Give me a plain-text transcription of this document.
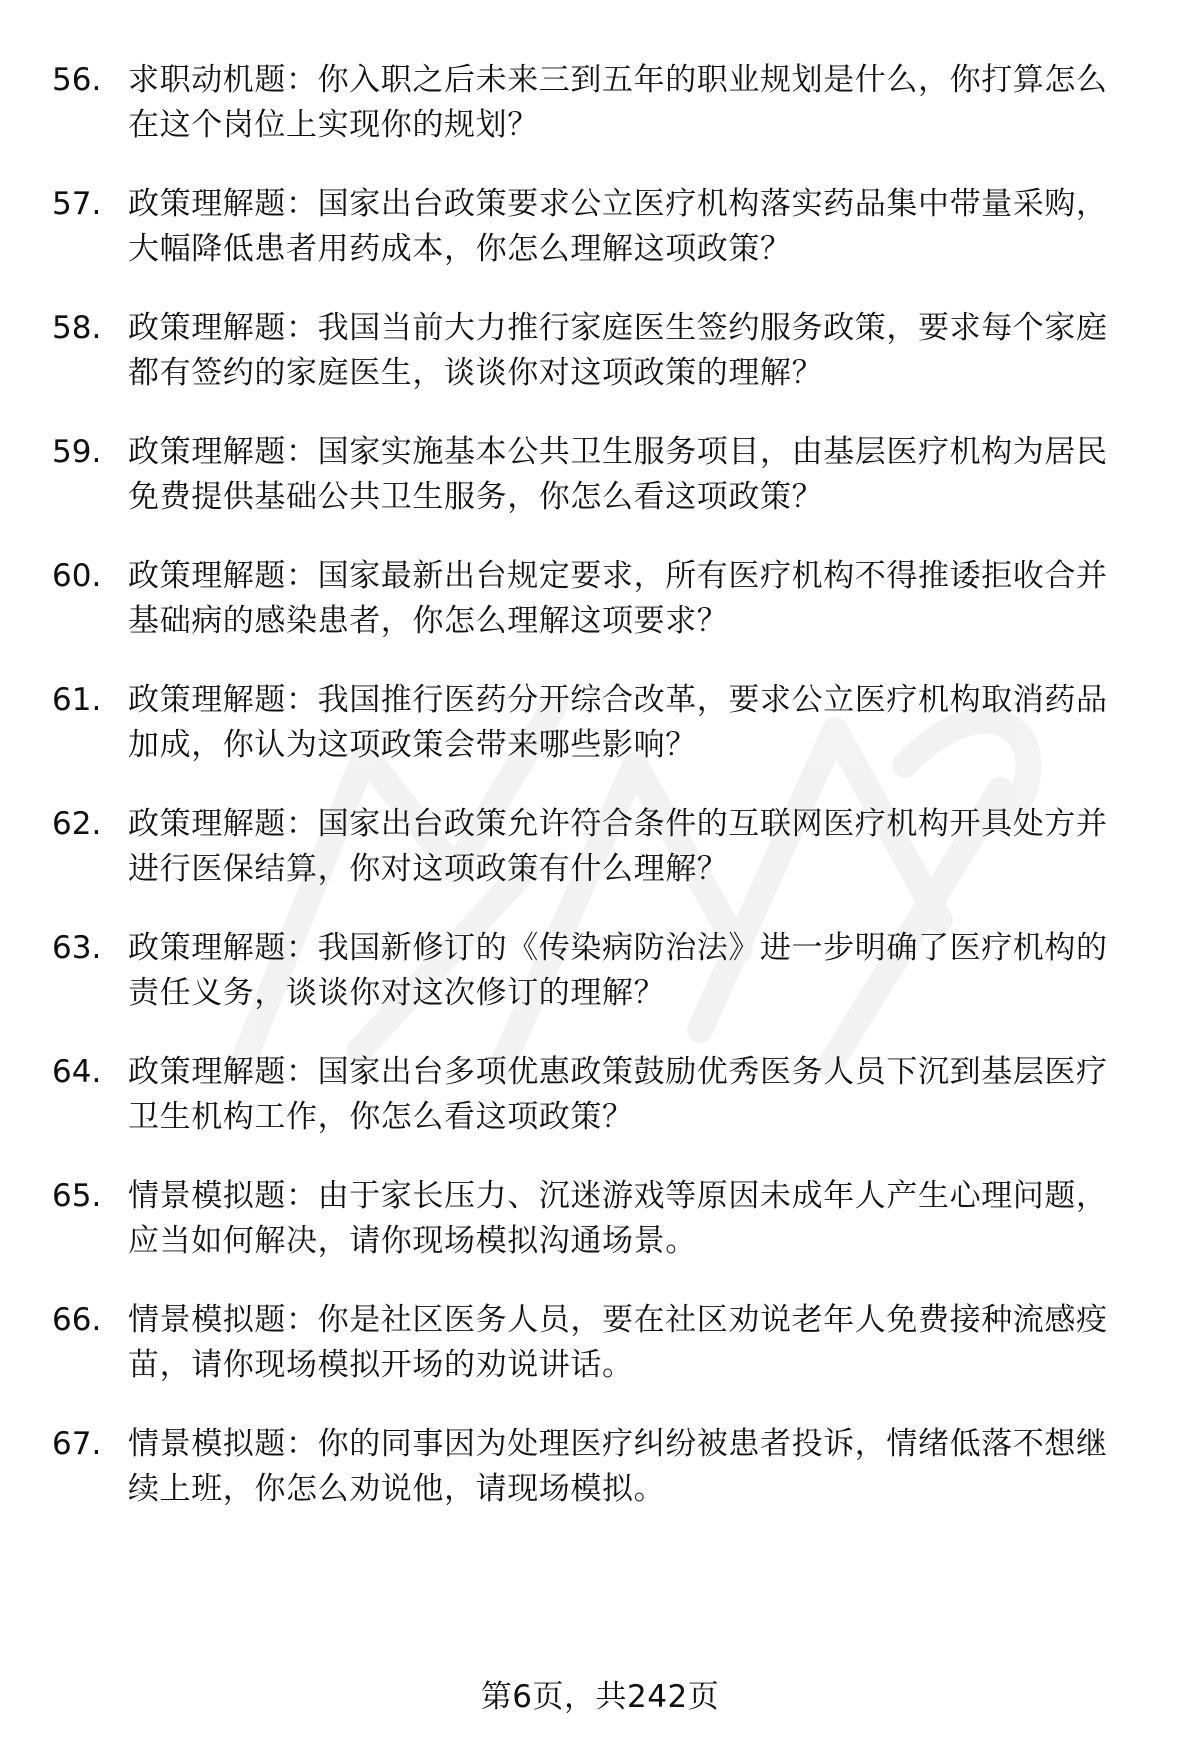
56. 求职动机题：你入职之后未来三到五年的职业规划是什么，你打算怎么在这个岗位上实现你的规划？
57. 政策理解题：国家出台政策要求公立医疗机构落实药品集中带量采购，大幅降低患者用药成本，你怎么理解这项政策？
58. 政策理解题：我国当前大力推行家庭医生签约服务政策，要求每个家庭都有签约的家庭医生，谈谈你对这项政策的理解？
59. 政策理解题：国家实施基本公共卫生服务项目，由基层医疗机构为居民免费提供基础公共卫生服务，你怎么看这项政策？
60. 政策理解题：国家最新出台规定要求，所有医疗机构不得推诿拒收合并基础病的感染患者，你怎么理解这项要求？
61. 政策理解题：我国推行医药分开综合改革，要求公立医疗机构取消药品加成，你认为这项政策会带来哪些影响？
62. 政策理解题：国家出台政策允许符合条件的互联网医疗机构开具处方并进行医保结算，你对这项政策有什么理解？
63. 政策理解题：我国新修订的《传染病防治法》进一步明确了医疗机构的责任义务，谈谈你对这次修订的理解？
64. 政策理解题：国家出台多项优惠政策鼓励优秀医务人员下沉到基层医疗卫生机构工作，你怎么看这项政策？
65. 情景模拟题：由于家长压力、沉迷游戏等原因未成年人产生心理问题，应当如何解决，请你现场模拟沟通场景。
66. 情景模拟题：你是社区医务人员，要在社区劝说老年人免费接种流感疫苗，请你现场模拟开场的劝说讲话。
67. 情景模拟题：你的同事因为处理医疗纠纷被患者投诉，情绪低落不想继续上班，你怎么劝说他，请现场模拟。
第6页，共242页
